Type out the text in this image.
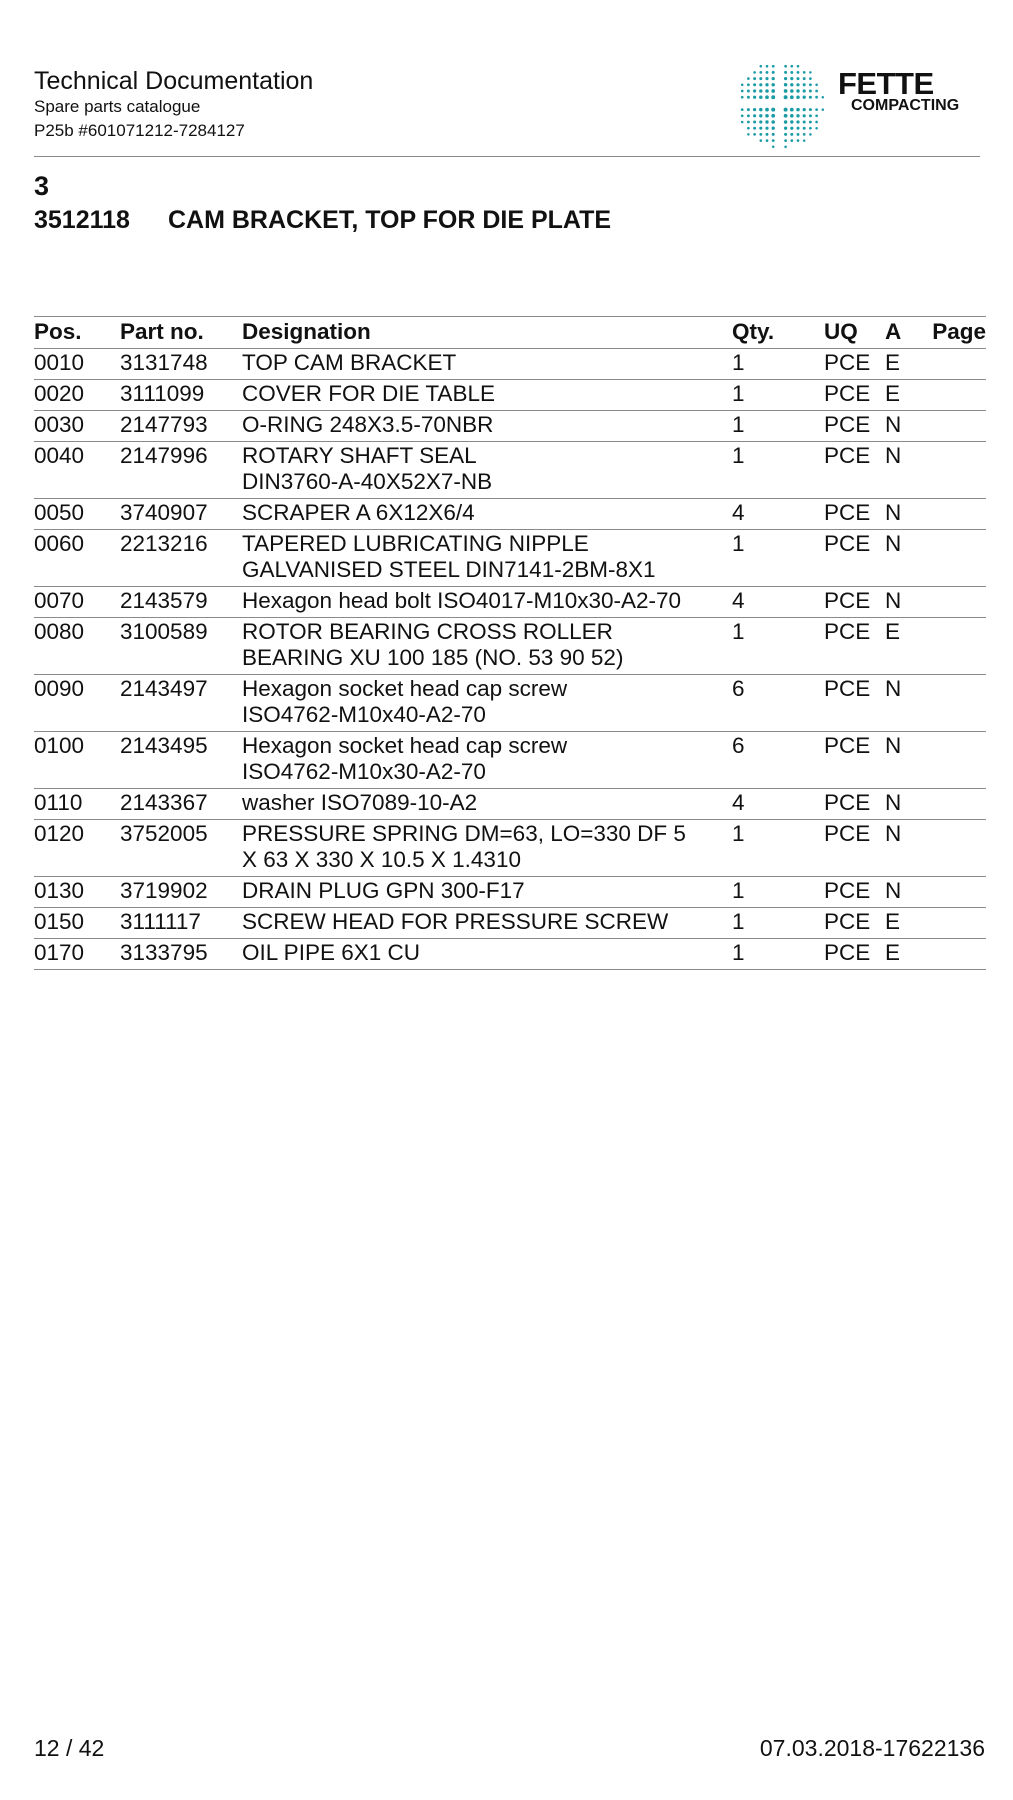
Technical Documentation
Spare parts catalogue
P25b #601071212-7284127
FETTE
COMPACTING
3
3512118 CAM BRACKET, TOP FOR DIE PLATE
Pos.	Part no.	Designation	Qty.	UQ	A	Page
0010	3131748	TOP CAM BRACKET	1	PCE	E	
0020	3111099	COVER FOR DIE TABLE	1	PCE	E	
0030	2147793	O-RING 248X3.5-70NBR	1	PCE	N	
0040	2147996	ROTARY SHAFT SEAL
DIN3760-A-40X52X7-NB	1	PCE	N	
0050	3740907	SCRAPER A 6X12X6/4	4	PCE	N	
0060	2213216	TAPERED LUBRICATING NIPPLE
GALVANISED STEEL DIN7141-2BM-8X1	1	PCE	N	
0070	2143579	Hexagon head bolt ISO4017-M10x30-A2-70	4	PCE	N	
0080	3100589	ROTOR BEARING CROSS ROLLER
BEARING XU 100 185 (NO. 53 90 52)	1	PCE	E	
0090	2143497	Hexagon socket head cap screw
ISO4762-M10x40-A2-70	6	PCE	N	
0100	2143495	Hexagon socket head cap screw
ISO4762-M10x30-A2-70	6	PCE	N	
0110	2143367	washer ISO7089-10-A2	4	PCE	N	
0120	3752005	PRESSURE SPRING DM=63, LO=330 DF 5
X 63 X 330 X 10.5 X 1.4310	1	PCE	N	
0130	3719902	DRAIN PLUG GPN 300-F17	1	PCE	N	
0150	3111117	SCREW HEAD FOR PRESSURE SCREW	1	PCE	E	
0170	3133795	OIL PIPE 6X1 CU	1	PCE	E	
12 / 42	07.03.2018-17622136
